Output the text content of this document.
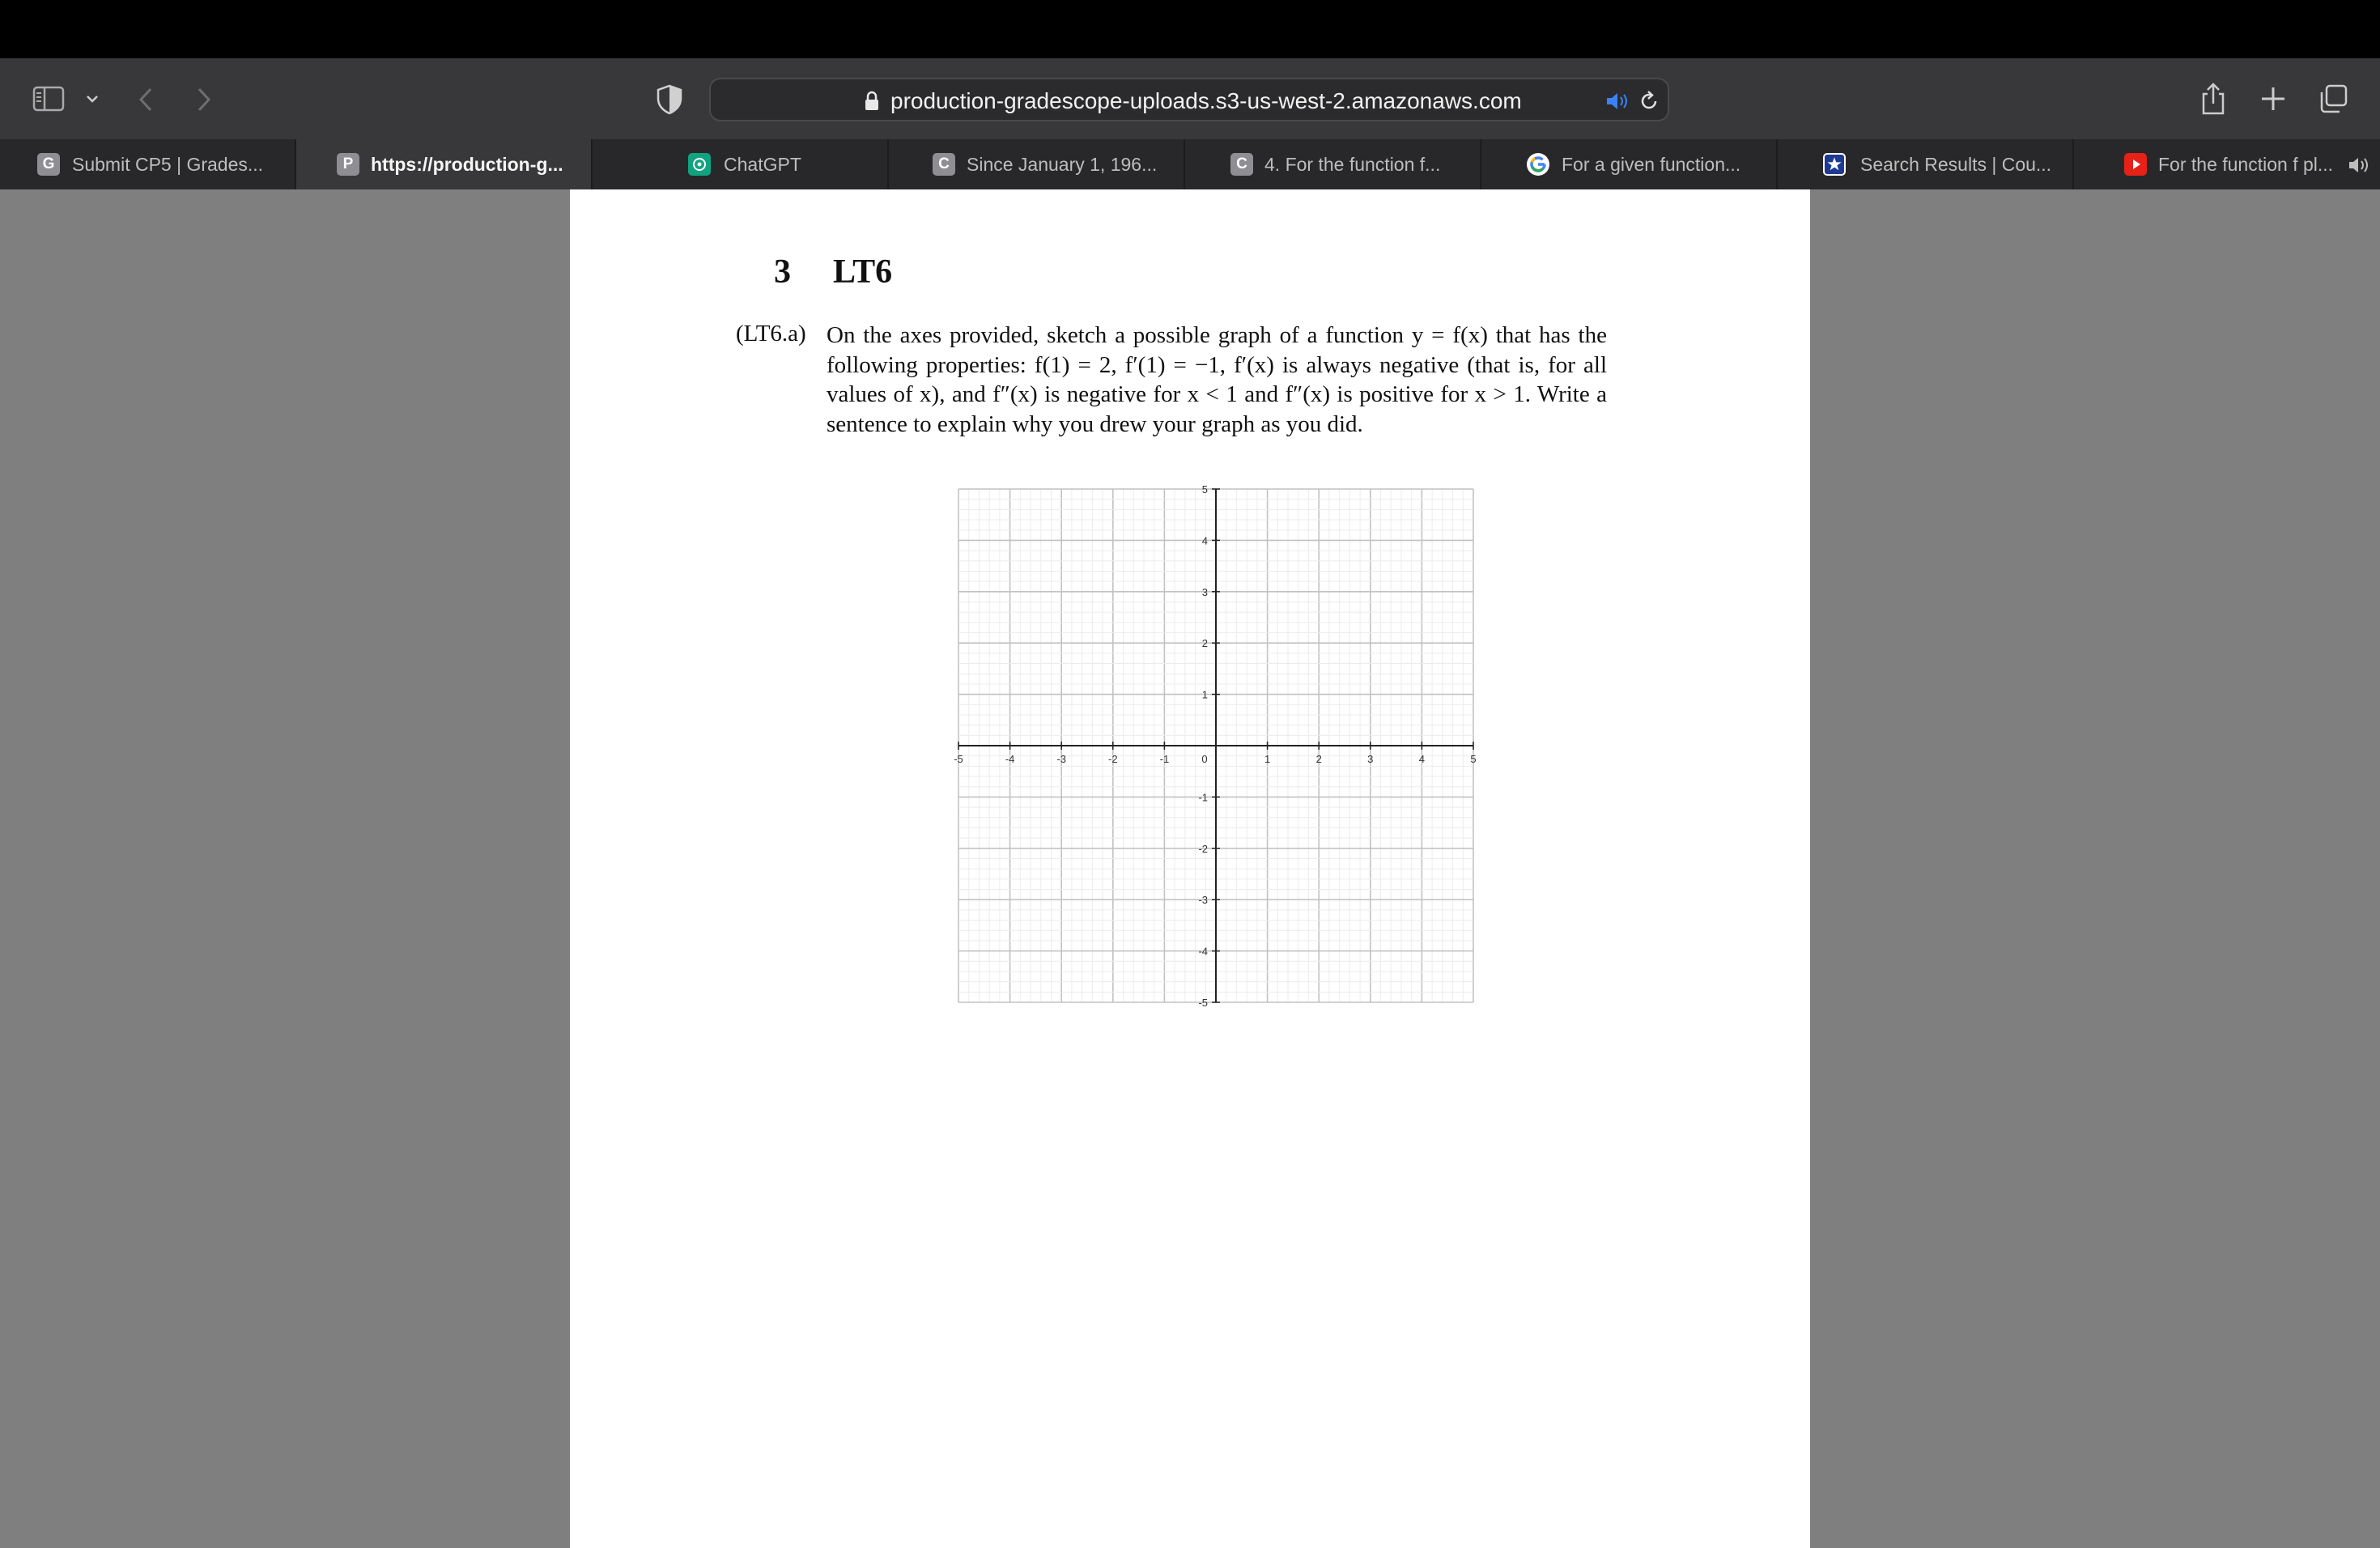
production-gradescope-uploads.s3-us-west-2.amazonaws.com
G Submit CP5 | Grades...	P https://production-g...	ChatGPT	C Since January 1, 196...	C 4. For the function f...	For a given function...	Search Results | Cou...	For the function f pl...
3 LT6
(LT6.a) On the axes provided, sketch a possible graph of a function y = f(x) that has the following properties: f(1) = 2, f′(1) = −1, f′(x) is always negative (that is, for all values of x), and f″(x) is negative for x < 1 and f″(x) is positive for x > 1. Write a sentence to explain why you drew your graph as you did.
-5	-4	-3	-2	-1	0	1	2	3	4	5
5
4
3
2
1
-1
-2
-3
-4
-5
